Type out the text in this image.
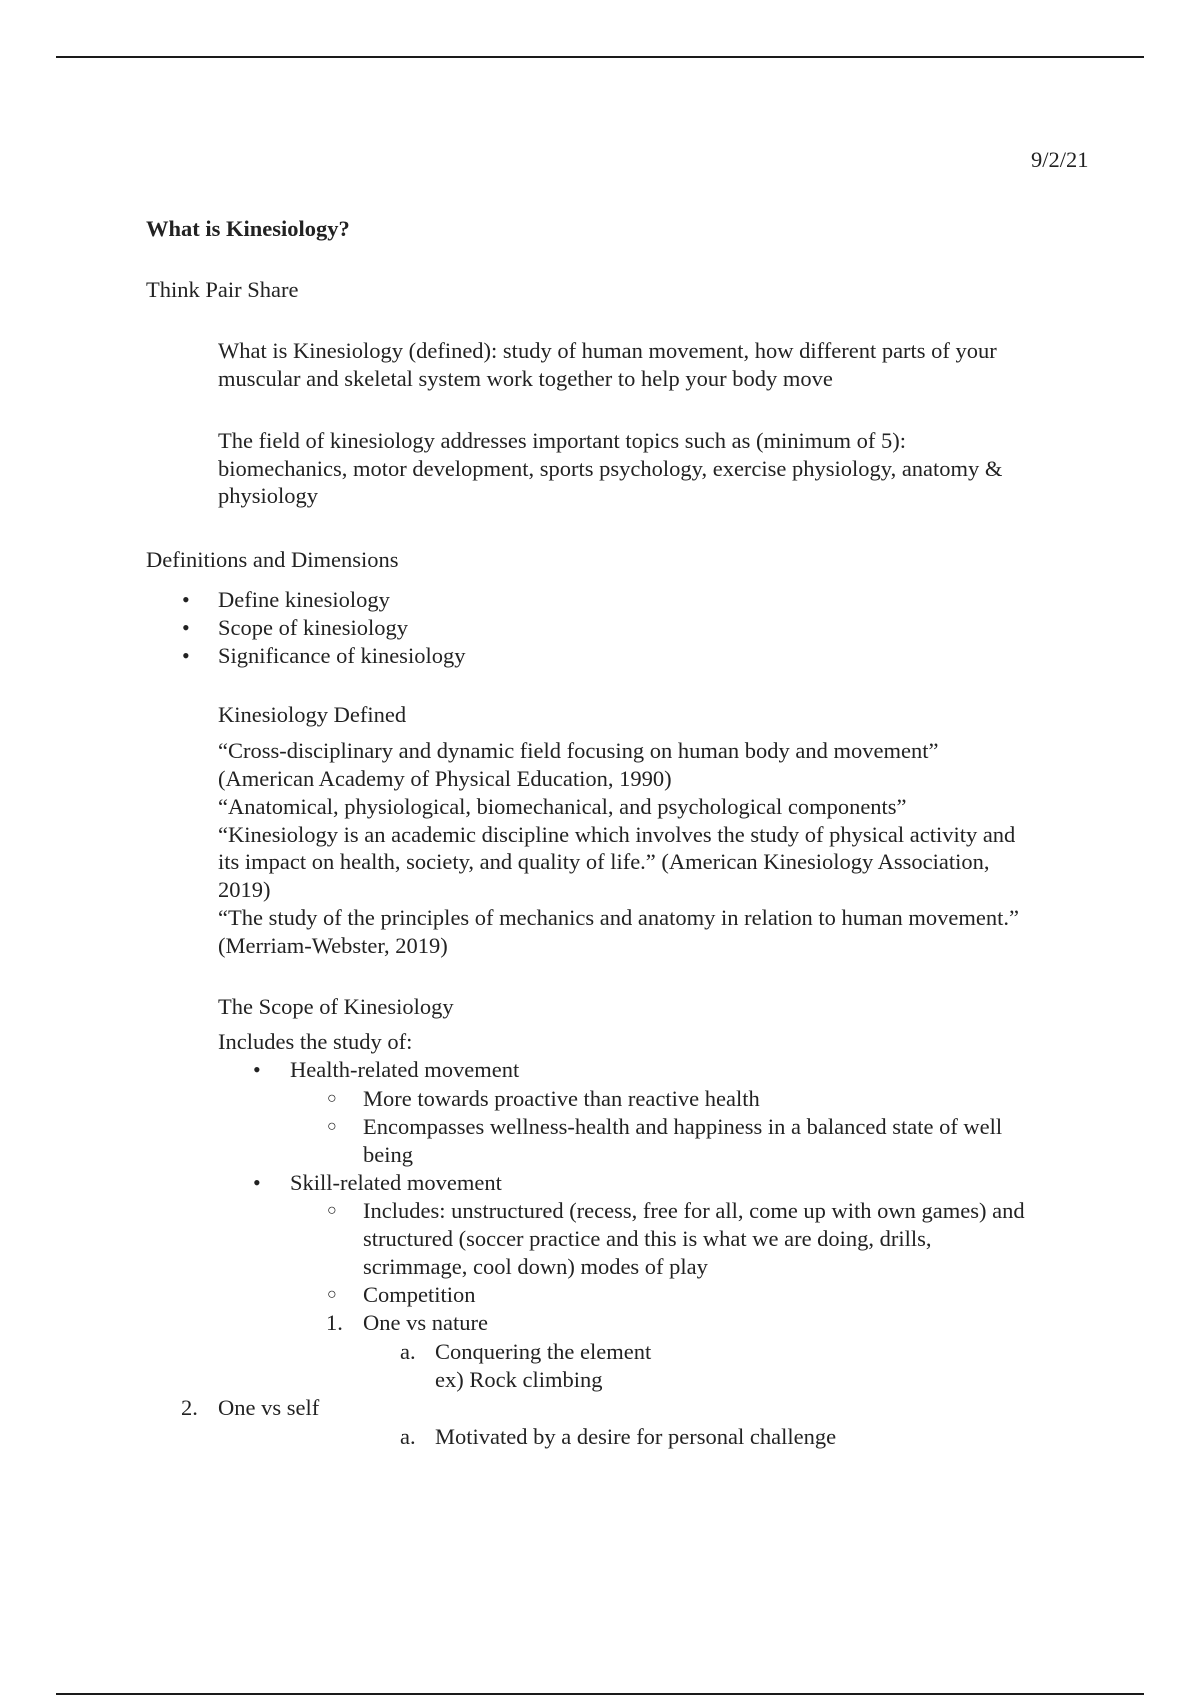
9/2/21
What is Kinesiology?
Think Pair Share
What is Kinesiology (defined): study of human movement, how different parts of your
muscular and skeletal system work together to help your body move
The field of kinesiology addresses important topics such as (minimum of 5):
biomechanics, motor development, sports psychology, exercise physiology, anatomy &
physiology
Definitions and Dimensions
• Define kinesiology
• Scope of kinesiology
• Significance of kinesiology
Kinesiology Defined
“Cross-disciplinary and dynamic field focusing on human body and movement”
(American Academy of Physical Education, 1990)
“Anatomical, physiological, biomechanical, and psychological components”
“Kinesiology is an academic discipline which involves the study of physical activity and
its impact on health, society, and quality of life.” (American Kinesiology Association,
2019)
“The study of the principles of mechanics and anatomy in relation to human movement.”
(Merriam-Webster, 2019)
The Scope of Kinesiology
Includes the study of:
• Health-related movement
○ More towards proactive than reactive health
○ Encompasses wellness-health and happiness in a balanced state of well
being
• Skill-related movement
○ Includes: unstructured (recess, free for all, come up with own games) and
structured (soccer practice and this is what we are doing, drills,
scrimmage, cool down) modes of play
○ Competition
1. One vs nature
a. Conquering the element
ex) Rock climbing
2. One vs self
a. Motivated by a desire for personal challenge
